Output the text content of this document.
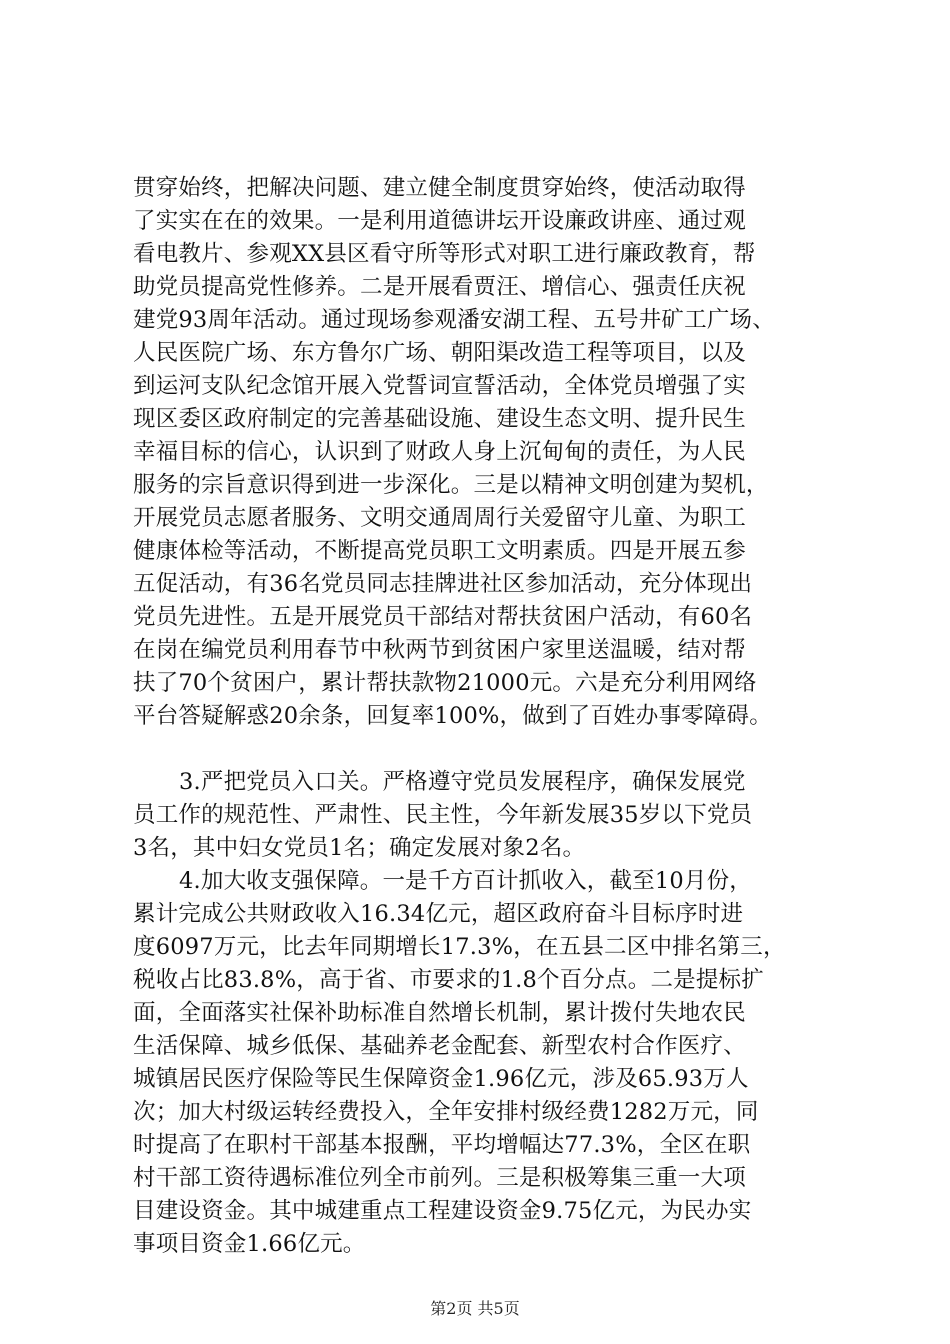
贯穿始终，把解决问题、建立健全制度贯穿始终，使活动取得
了实实在在的效果。一是利用道德讲坛开设廉政讲座、通过观
看电教片、参观XX县区看守所等形式对职工进行廉政教育，帮
助党员提高党性修养。二是开展看贾汪、增信心、强责任庆祝
建党93周年活动。通过现场参观潘安湖工程、五号井矿工广场、
人民医院广场、东方鲁尔广场、朝阳渠改造工程等项目，以及
到运河支队纪念馆开展入党誓词宣誓活动，全体党员增强了实
现区委区政府制定的完善基础设施、建设生态文明、提升民生
幸福目标的信心，认识到了财政人身上沉甸甸的责任，为人民
服务的宗旨意识得到进一步深化。三是以精神文明创建为契机，
开展党员志愿者服务、文明交通周周行关爱留守儿童、为职工
健康体检等活动，不断提高党员职工文明素质。四是开展五参
五促活动，有36名党员同志挂牌进社区参加活动，充分体现出
党员先进性。五是开展党员干部结对帮扶贫困户活动，有60名
在岗在编党员利用春节中秋两节到贫困户家里送温暖，结对帮
扶了70个贫困户，累计帮扶款物21000元。六是充分利用网络
平台答疑解惑20余条，回复率100%，做到了百姓办事零障碍。
3.严把党员入口关。严格遵守党员发展程序，确保发展党
员工作的规范性、严肃性、民主性，今年新发展35岁以下党员
3名，其中妇女党员1名；确定发展对象2名。
4.加大收支强保障。一是千方百计抓收入，截至10月份，
累计完成公共财政收入16.34亿元，超区政府奋斗目标序时进
度6097万元，比去年同期增长17.3%，在五县二区中排名第三，
税收占比83.8%，高于省、市要求的1.8个百分点。二是提标扩
面，全面落实社保补助标准自然增长机制，累计拨付失地农民
生活保障、城乡低保、基础养老金配套、新型农村合作医疗、
城镇居民医疗保险等民生保障资金1.96亿元，涉及65.93万人
次；加大村级运转经费投入，全年安排村级经费1282万元，同
时提高了在职村干部基本报酬，平均增幅达77.3%，全区在职
村干部工资待遇标准位列全市前列。三是积极筹集三重一大项
目建设资金。其中城建重点工程建设资金9.75亿元，为民办实
事项目资金1.66亿元。
第2页 共5页
